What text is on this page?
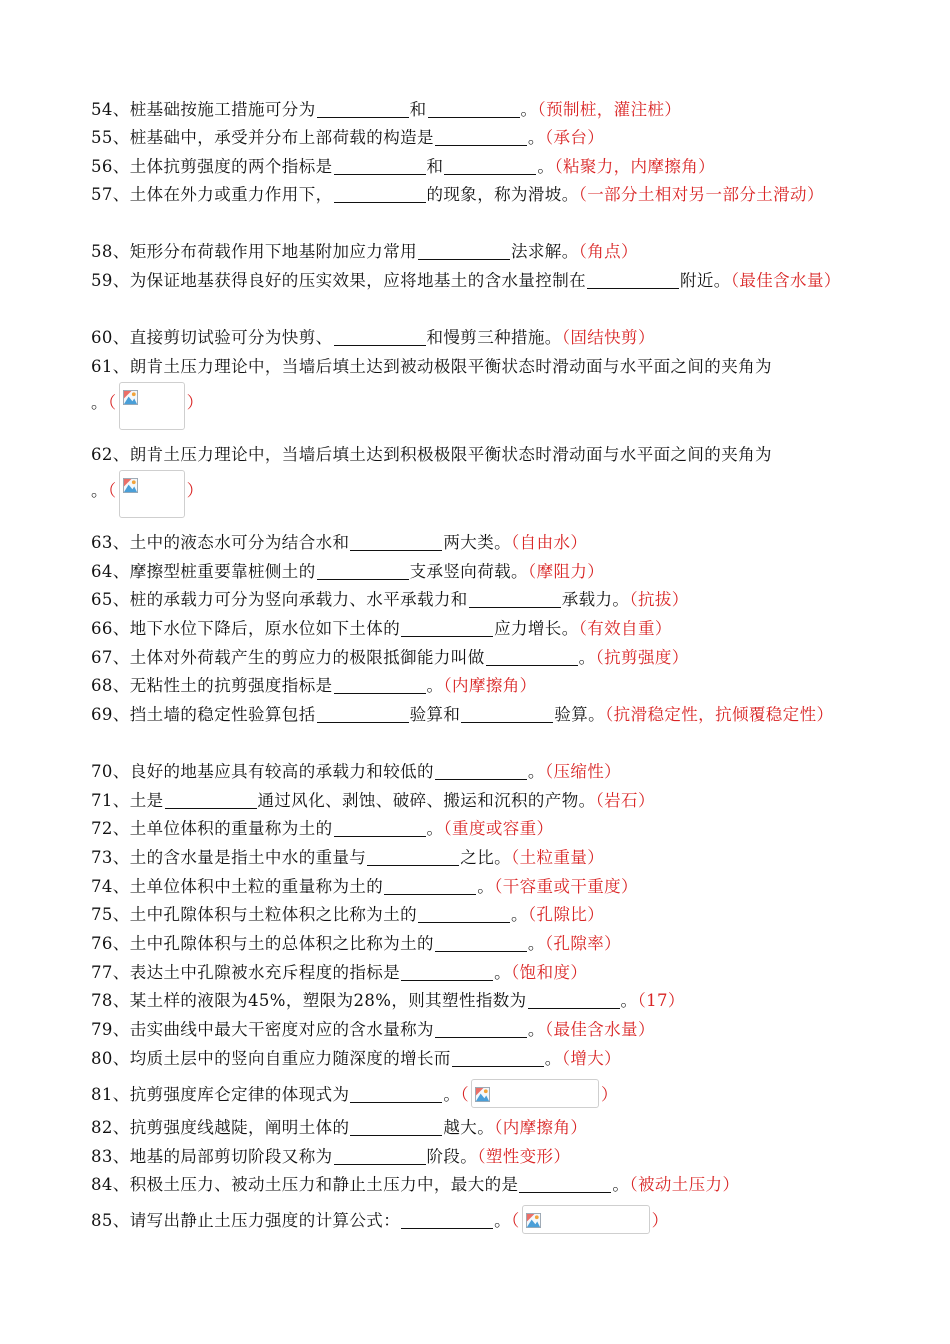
54、桩基础按施工措施可分为	和	。（预制桩，灌注桩）
55、桩基础中，承受并分布上部荷载的构造是	。（承台）
56、土体抗剪强度的两个指标是	和	。（粘聚力，内摩擦角）
57、土体在外力或重力作用下，	的现象，称为滑坡。（一部分土相对另一部分土滑动）
58、矩形分布荷载作用下地基附加应力常用	法求解。（角点）
59、为保证地基获得良好的压实效果，应将地基土的含水量控制在	附近。（最佳含水量）
60、直接剪切试验可分为快剪、	和慢剪三种措施。（固结快剪）
61、朗肯土压力理论中，当墙后填土达到被动极限平衡状态时滑动面与水平面之间的夹角为
。（	）
62、朗肯土压力理论中，当墙后填土达到积极极限平衡状态时滑动面与水平面之间的夹角为
。（	）
63、土中的液态水可分为结合水和	两大类。（自由水）
64、摩擦型桩重要靠桩侧土的	支承竖向荷载。（摩阻力）
65、桩的承载力可分为竖向承载力、水平承载力和	承载力。（抗拔）
66、地下水位下降后，原水位如下土体的	应力增长。（有效自重）
67、土体对外荷载产生的剪应力的极限抵御能力叫做	。（抗剪强度）
68、无粘性土的抗剪强度指标是	。（内摩擦角）
69、挡土墙的稳定性验算包括	验算和	验算。（抗滑稳定性，抗倾覆稳定性）
70、良好的地基应具有较高的承载力和较低的	。（压缩性）
71、土是	通过风化、剥蚀、破碎、搬运和沉积的产物。（岩石）
72、土单位体积的重量称为土的	。（重度或容重）
73、土的含水量是指土中水的重量与	之比。（土粒重量）
74、土单位体积中土粒的重量称为土的	。（干容重或干重度）
75、土中孔隙体积与土粒体积之比称为土的	。（孔隙比）
76、土中孔隙体积与土的总体积之比称为土的	。（孔隙率）
77、表达土中孔隙被水充斥程度的指标是	。（饱和度）
78、某土样的液限为45%，塑限为28%，则其塑性指数为	。（17）
79、击实曲线中最大干密度对应的含水量称为	。（最佳含水量）
80、均质土层中的竖向自重应力随深度的增长而	。（增大）
81、抗剪强度库仑定律的体现式为	。（	）
82、抗剪强度线越陡，阐明土体的	越大。（内摩擦角）
83、地基的局部剪切阶段又称为	阶段。（塑性变形）
84、积极土压力、被动土压力和静止土压力中，最大的是	。（被动土压力）
85、请写出静止土压力强度的计算公式：	。（	）
